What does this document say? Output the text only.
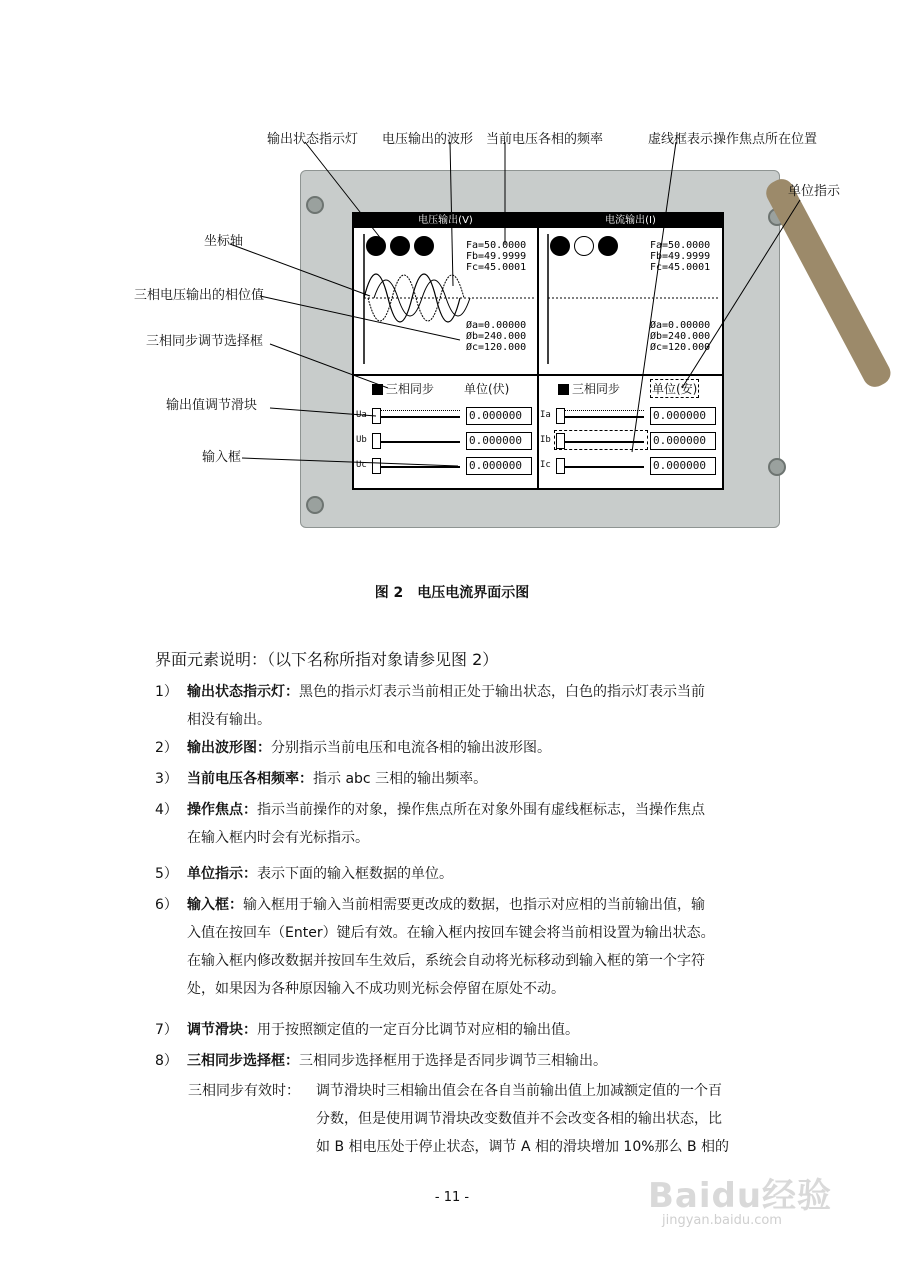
电压输出(V)
Fa=50.0000
Fb=49.9999
Fc=45.0001
Øa=0.00000
Øb=240.000
Øc=120.000
三相同步 单位(伏)
Ua	0.000000
Ub	0.000000
Uc	0.000000
电流输出(I)
Fa=50.0000
Fb=49.9999
Fc=45.0001
Øa=0.00000
Øb=240.000
Øc=120.000
三相同步	单位(安)
Ia	0.000000
Ib	0.000000
Ic	0.000000
输出状态指示灯 电压输出的波形 当前电压各相的频率	虚线框表示操作焦点所在位置
单位指示
坐标轴
三相电压输出的相位值
三相同步调节选择框
输出值调节滑块
输入框
图 2　电压电流界面示图
界面元素说明：（以下名称所指对象请参见图 2）
1） 输出状态指示灯：黑色的指示灯表示当前相正处于输出状态，白色的指示灯表示当前
相没有输出。
2） 输出波形图：分别指示当前电压和电流各相的输出波形图。
3） 当前电压各相频率：指示 abc 三相的输出频率。
4） 操作焦点：指示当前操作的对象，操作焦点所在对象外围有虚线框标志，当操作焦点
在输入框内时会有光标指示。
5） 单位指示：表示下面的输入框数据的单位。
6） 输入框：输入框用于输入当前相需要更改成的数据，也指示对应相的当前输出值，输
入值在按回车（Enter）键后有效。在输入框内按回车键会将当前相设置为输出状态。
在输入框内修改数据并按回车生效后，系统会自动将光标移动到输入框的第一个字符
处，如果因为各种原因输入不成功则光标会停留在原处不动。
7） 调节滑块：用于按照额定值的一定百分比调节对应相的输出值。
8） 三相同步选择框：三相同步选择框用于选择是否同步调节三相输出。
三相同步有效时： 调节滑块时三相输出值会在各自当前输出值上加减额定值的一个百
分数，但是使用调节滑块改变数值并不会改变各相的输出状态，比
如 B 相电压处于停止状态，调节 A 相的滑块增加 10%那么 B 相的
- 11 -	Baidu经验
jingyan.baidu.com
